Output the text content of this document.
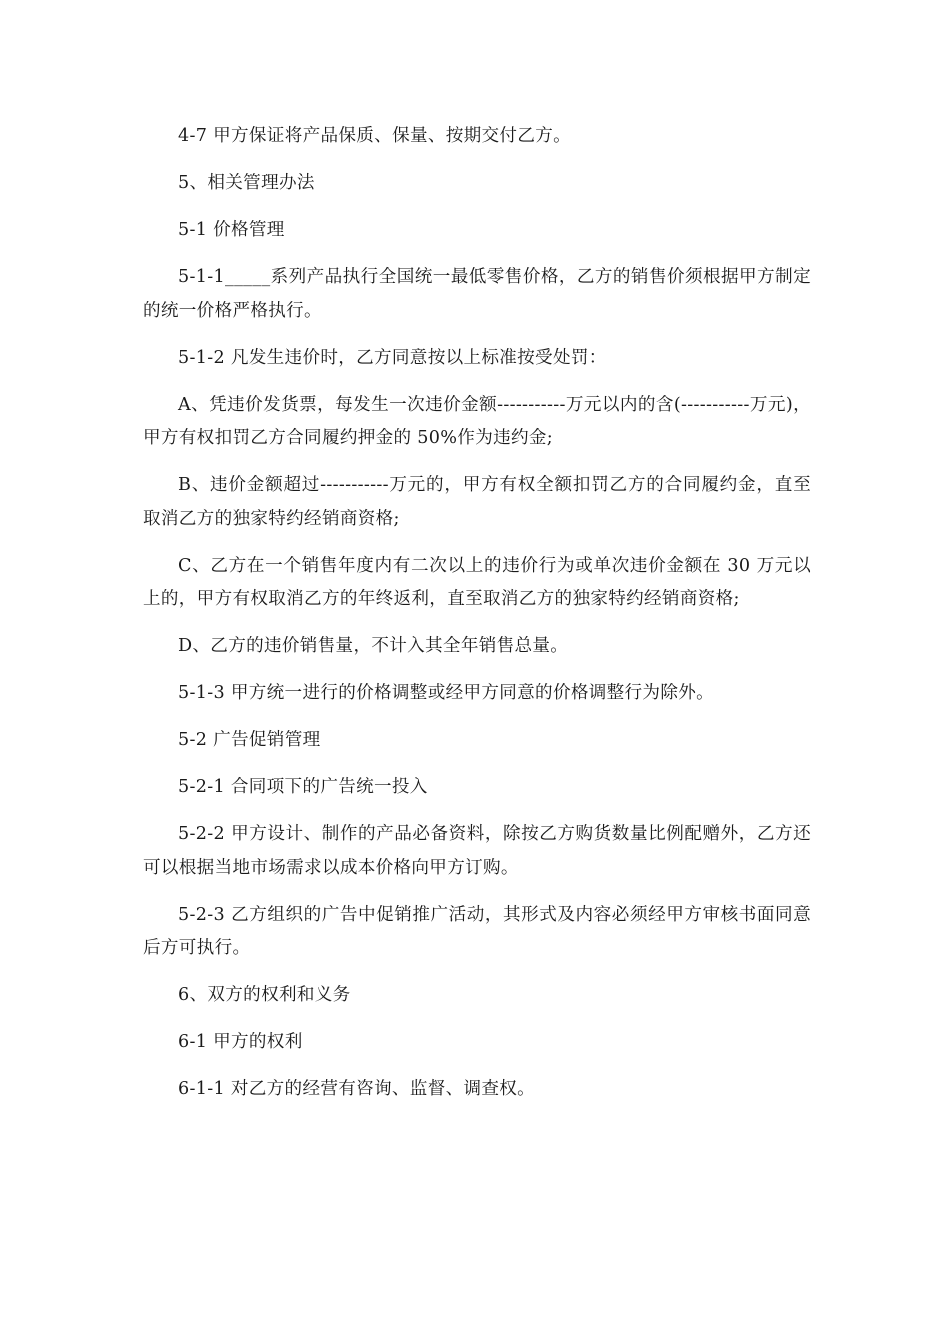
4-7 甲方保证将产品保质、保量、按期交付乙方。

5、相关管理办法

5-1 价格管理

5-1-1_____系列产品执行全国统一最低零售价格，乙方的销售价须根据甲方制定的统一价格严格执行。

5-1-2 凡发生违价时，乙方同意按以上标准按受处罚：

A、凭违价发货票，每发生一次违价金额-----------万元以内的含(-----------万元)，甲方有权扣罚乙方合同履约押金的 50%作为违约金;

B、违价金额超过-----------万元的，甲方有权全额扣罚乙方的合同履约金，直至取消乙方的独家特约经销商资格;

C、乙方在一个销售年度内有二次以上的违价行为或单次违价金额在 30 万元以上的，甲方有权取消乙方的年终返利，直至取消乙方的独家特约经销商资格;

D、乙方的违价销售量，不计入其全年销售总量。

5-1-3 甲方统一进行的价格调整或经甲方同意的价格调整行为除外。

5-2 广告促销管理

5-2-1 合同项下的广告统一投入

5-2-2 甲方设计、制作的产品必备资料，除按乙方购货数量比例配赠外，乙方还可以根据当地市场需求以成本价格向甲方订购。

5-2-3 乙方组织的广告中促销推广活动，其形式及内容必须经甲方审核书面同意后方可执行。

6、双方的权利和义务

6-1 甲方的权利

6-1-1 对乙方的经营有咨询、监督、调查权。
